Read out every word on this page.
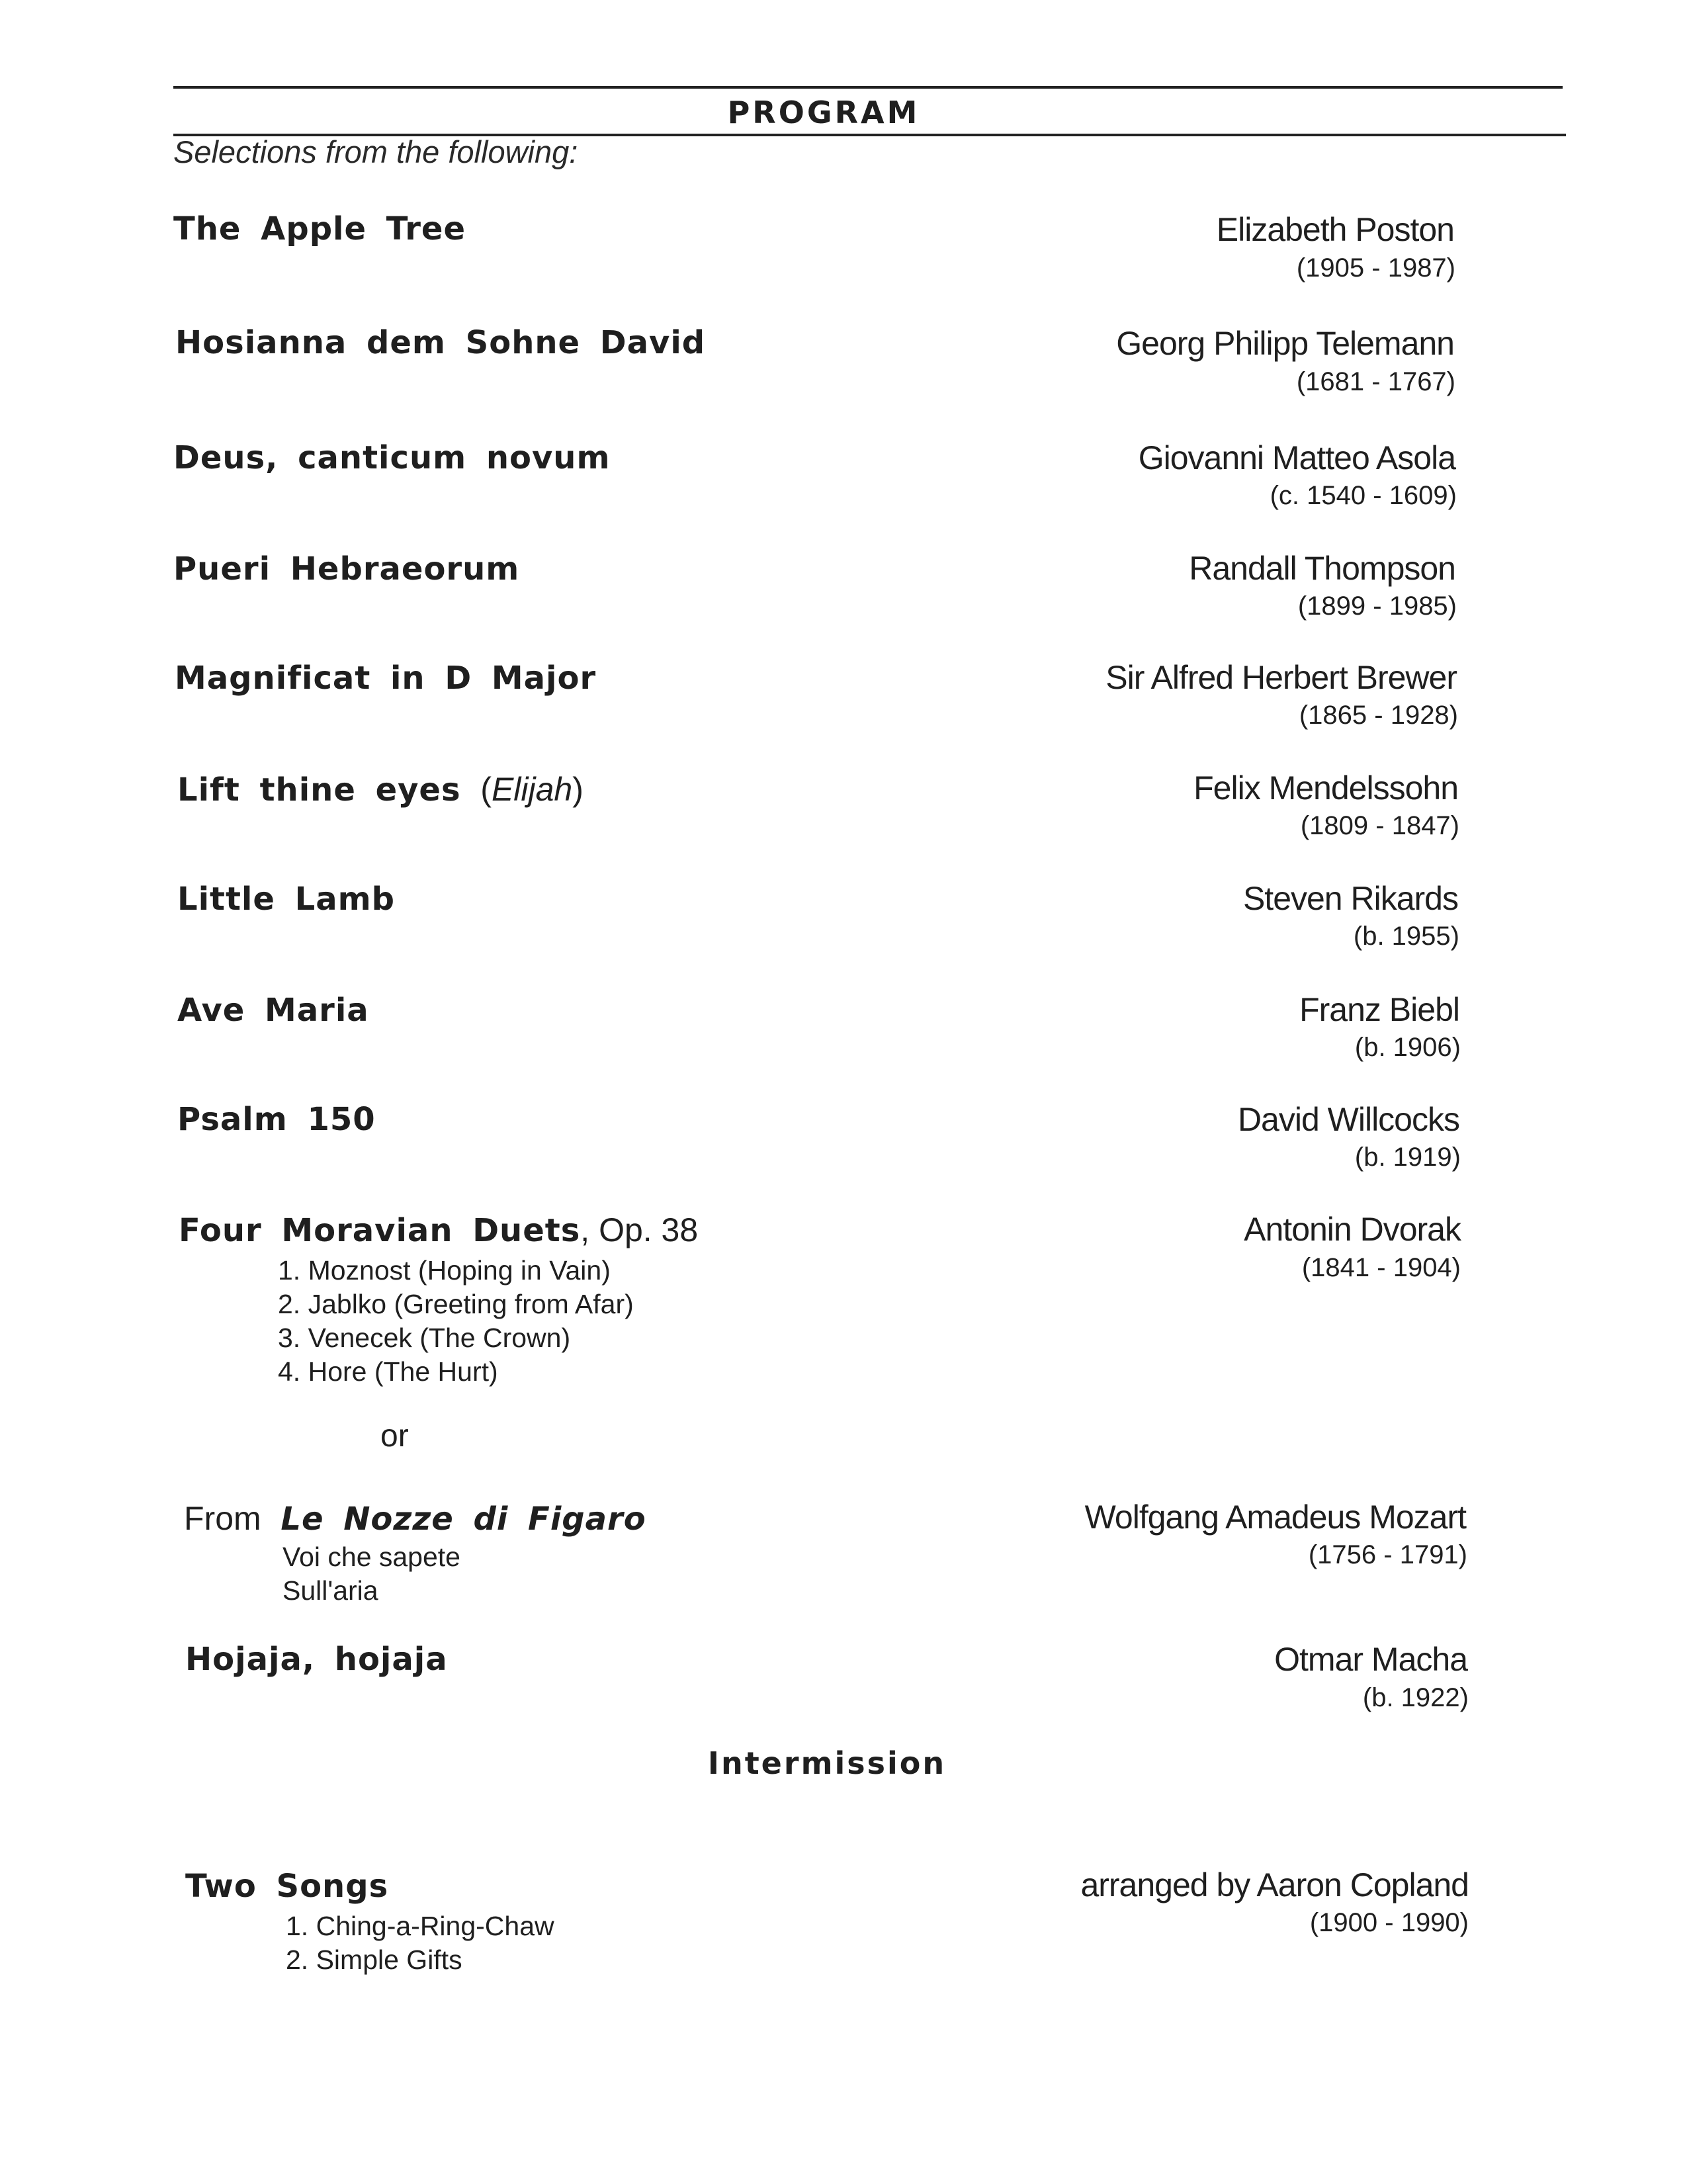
PROGRAM
Selections from the following:
The Apple Tree	Elizabeth Poston
(1905 - 1987)
Hosianna dem Sohne David	Georg Philipp Telemann
(1681 - 1767)
Deus, canticum novum	Giovanni Matteo Asola
(c. 1540 - 1609)
Pueri Hebraeorum	Randall Thompson
(1899 - 1985)
Magnificat in D Major	Sir Alfred Herbert Brewer
(1865 - 1928)
Lift thine eyes (Elijah)	Felix Mendelssohn
(1809 - 1847)
Little Lamb	Steven Rikards
(b. 1955)
Ave Maria	Franz Biebl
(b. 1906)
Psalm 150	David Willcocks
(b. 1919)
Four Moravian Duets, Op. 38	Antonin Dvorak
(1841 - 1904)
1. Moznost (Hoping in Vain)
2. Jablko (Greeting from Afar)
3. Venecek (The Crown)
4. Hore (The Hurt)
or
From Le Nozze di Figaro	Wolfgang Amadeus Mozart
(1756 - 1791)
Voi che sapete
Sull'aria
Hojaja, hojaja	Otmar Macha
(b. 1922)
Intermission
Two Songs	arranged by Aaron Copland
(1900 - 1990)
1. Ching-a-Ring-Chaw
2. Simple Gifts
